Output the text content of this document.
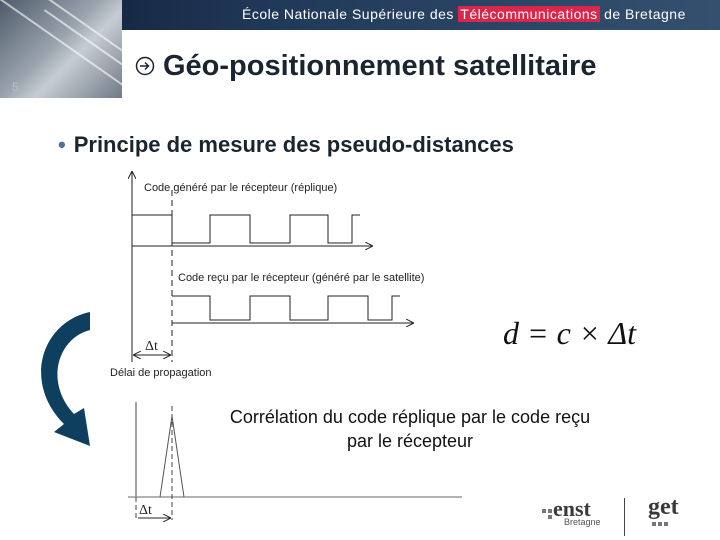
École Nationale Supérieure des Télécommunications de Bretagne
5
Géo-positionnement satellitaire
• Principe de mesure des pseudo-distances
Code généré par le récepteur (réplique)
Code reçu par le récepteur (généré par le satellite)
Δt
Délai de propagation
d = c × Δt
Δt
Corrélation du code réplique par le code reçu par le récepteur
enst
Bretagne
get
